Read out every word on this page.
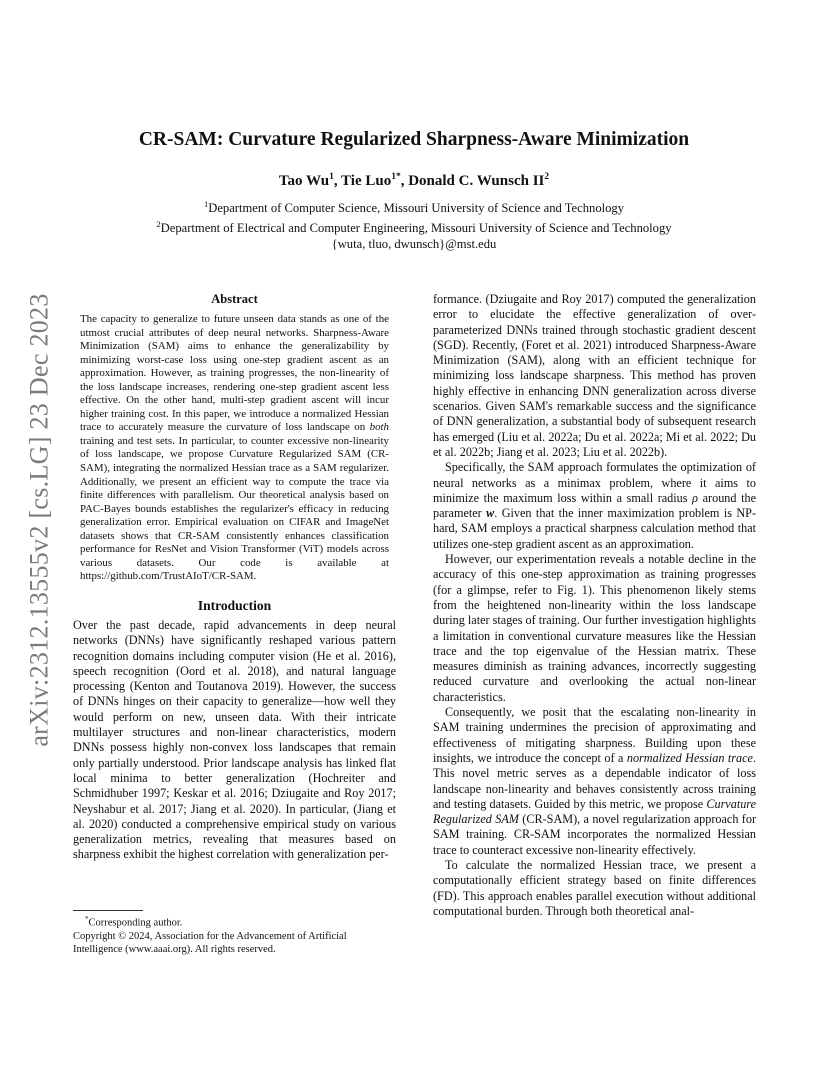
arXiv:2312.13555v2 [cs.LG] 23 Dec 2023
CR-SAM: Curvature Regularized Sharpness-Aware Minimization
Tao Wu$^1$, Tie Luo$^{1*}$, Donald C. Wunsch $II^2$
$^1$Department of Computer Science, Missouri University of Science and Technology
$^2$Department of Electrical and Computer Engineering, Missouri University of Science and Technology
{wuta, tluo, dwunsch}@mst.edu
Abstract

The capacity to generalize to future unseen data stands as one of the utmost crucial attributes of deep neural networks. Sharpness-Aware Minimization (SAM) aims to enhance the generalizability by minimizing worst-case loss using one-step gradient ascent as an approximation. However, as training progresses, the non-linearity of the loss landscape increases, rendering one-step gradient ascent less effective. On the other hand, multi-step gradient ascent will incur higher training cost. In this paper, we introduce a normalized Hessian trace to accurately measure the curvature of loss landscape on both training and test sets. In particular, to counter excessive non-linearity of loss landscape, we propose Curvature Regularized SAM (CR-SAM), integrating the normalized Hessian trace as a SAM regularizer. Additionally, we present an efficient way to compute the trace via finite differences with parallelism. Our theoretical analysis based on PAC-Bayes bounds establishes the regularizer's efficacy in reducing generalization error. Empirical evaluation on CIFAR and ImageNet datasets shows that CR-SAM consistently enhances classification performance for ResNet and Vision Transformer (ViT) models across various datasets. Our code is available at https://github.com/TrustAIoT/CR-SAM.

Introduction

Over the past decade, rapid advancements in deep neural networks (DNNs) have significantly reshaped various pattern recognition domains including computer vision (He et al. 2016), speech recognition (Oord et al. 2018), and natural language processing (Kenton and Toutanova 2019). However, the success of DNNs hinges on their capacity to generalize—how well they would perform on new, unseen data. With their intricate multilayer structures and non-linear characteristics, modern DNNs possess highly non-convex loss landscapes that remain only partially understood. Prior landscape analysis has linked flat local minima to better generalization (Hochreiter and Schmidhuber 1997; Keskar et al. 2016; Dziugaite and Roy 2017; Neyshabur et al. 2017; Jiang et al. 2020). In particular, (Jiang et al. 2020) conducted a comprehensive empirical study on various generalization metrics, revealing that measures based on sharpness exhibit the highest correlation with generalization per-

formance. (Dziugaite and Roy 2017) computed the generalization error to elucidate the effective generalization of over-parameterized DNNs trained through stochastic gradient descent (SGD). Recently, (Foret et al. 2021) introduced Sharpness-Aware Minimization (SAM), along with an efficient technique for minimizing loss landscape sharpness. This method has proven highly effective in enhancing DNN generalization across diverse scenarios. Given SAM's remarkable success and the significance of DNN generalization, a substantial body of subsequent research has emerged (Liu et al. 2022a; Du et al. 2022a; Mi et al. 2022; Du et al. 2022b; Jiang et al. 2023; Liu et al. 2022b).

Specifically, the SAM approach formulates the optimization of neural networks as a minimax problem, where it aims to minimize the maximum loss within a small radius ρ around the parameter w. Given that the inner maximization problem is NP-hard, SAM employs a practical sharpness calculation method that utilizes one-step gradient ascent as an approximation.

However, our experimentation reveals a notable decline in the accuracy of this one-step approximation as training progresses (for a glimpse, refer to Fig. 1). This phenomenon likely stems from the heightened non-linearity within the loss landscape during later stages of training. Our further investigation highlights a limitation in conventional curvature measures like the Hessian trace and the top eigenvalue of the Hessian matrix. These measures diminish as training advances, incorrectly suggesting reduced curvature and overlooking the actual non-linear characteristics.

Consequently, we posit that the escalating non-linearity in SAM training undermines the precision of approximating and effectiveness of mitigating sharpness. Building upon these insights, we introduce the concept of a normalized Hessian trace. This novel metric serves as a dependable indicator of loss landscape non-linearity and behaves consistently across training and testing datasets. Guided by this metric, we propose Curvature Regularized SAM (CR-SAM), a novel regularization approach for SAM training. CR-SAM incorporates the normalized Hessian trace to counteract excessive non-linearity effectively.

To calculate the normalized Hessian trace, we present a computationally efficient strategy based on finite differences (FD). This approach enables parallel execution without additional computational burden. Through both theoretical anal-

*Corresponding author.
Copyright © 2024, Association for the Advancement of Artificial Intelligence (www.aaai.org). All rights reserved.
